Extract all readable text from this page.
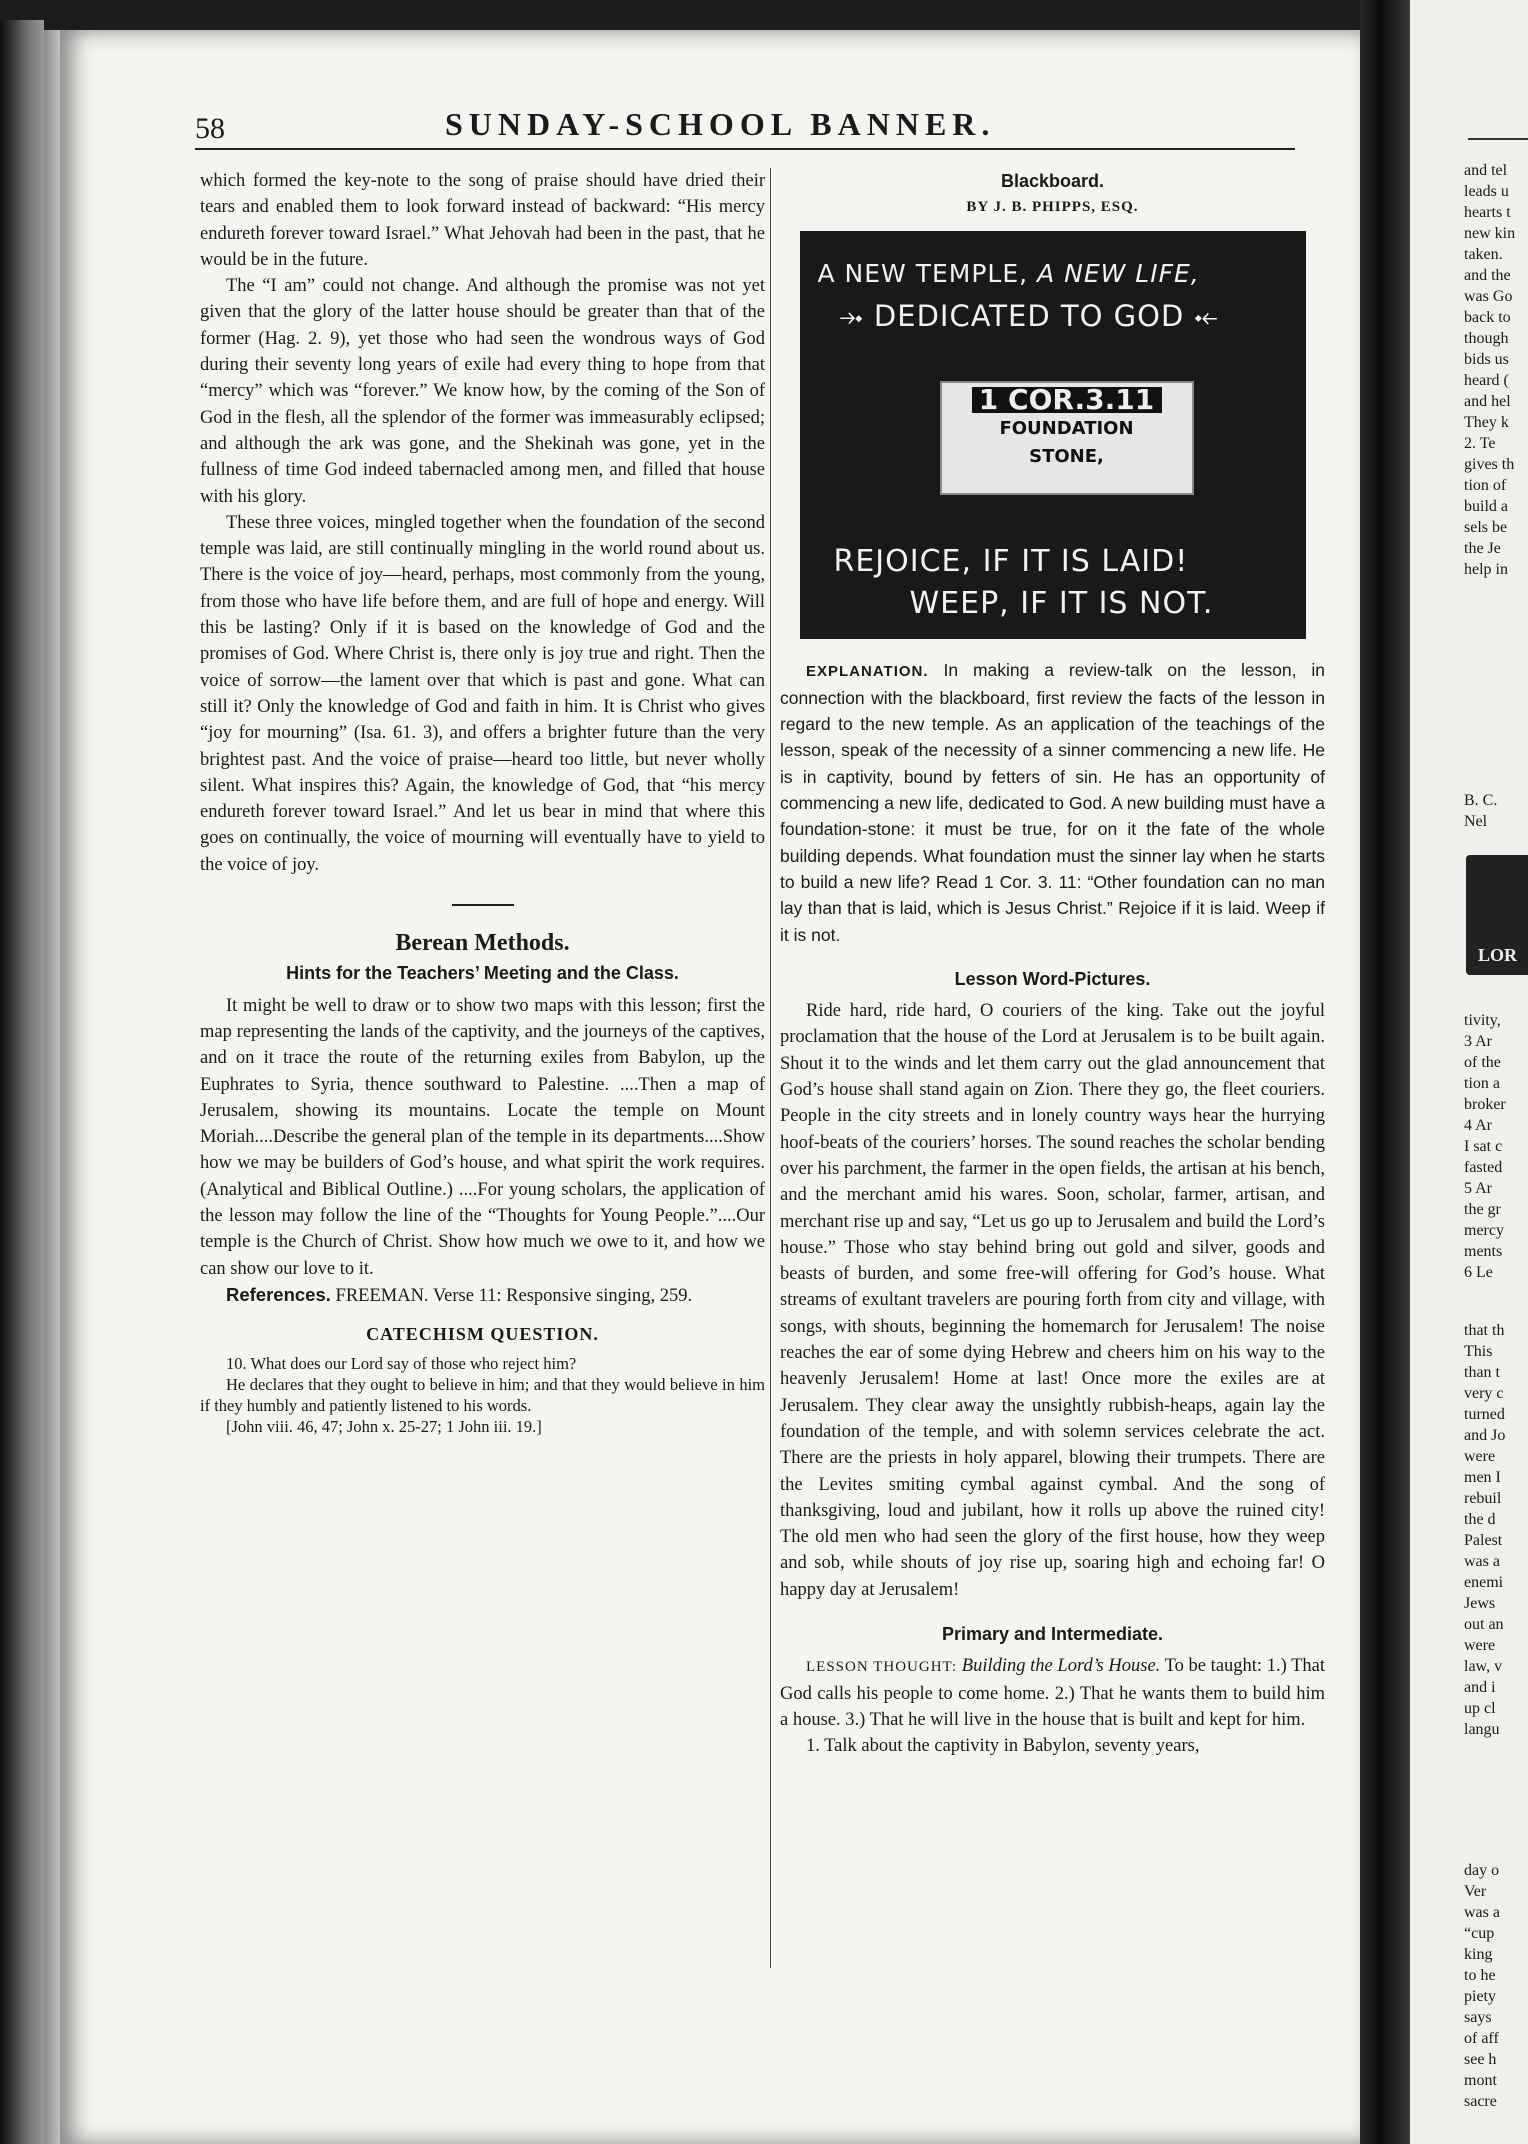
and tel
leads u
hearts t
new kin
taken.
and the
was Go
back to
though
bids us
heard (
and hel
They k
2. Te
gives th
tion of
build a
sels be
the Je
help in
B. C.
Nel
tivity,
3 Ar
of the
tion a
broker
4 Ar
I sat c
fasted
5 Ar
the gr
mercy
ments
6 Le
that th
This
than t
very c
turned
and Jo
were
men I
rebuil
the d
Palest
was a
enemi
Jews
out an
were
law, v
and i
up cl
langu
day o
Ver
was a
“cup
king
to he
piety
says
of aff
see h
mont
sacre
LOR
58	SUNDAY-SCHOOL BANNER.

which formed the key-note to the song of praise should have dried their tears and enabled them to look forward instead of backward: “His mercy endureth forever toward Israel.” What Jehovah had been in the past, that he would be in the future.

The “I am” could not change. And although the promise was not yet given that the glory of the latter house should be greater than that of the former (Hag. 2. 9), yet those who had seen the wondrous ways of God during their seventy long years of exile had every thing to hope from that “mercy” which was “forever.” We know how, by the coming of the Son of God in the flesh, all the splendor of the former was immeasurably eclipsed; and although the ark was gone, and the Shekinah was gone, yet in the fullness of time God indeed tabernacled among men, and filled that house with his glory.

These three voices, mingled together when the foundation of the second temple was laid, are still continually mingling in the world round about us. There is the voice of joy—heard, perhaps, most commonly from the young, from those who have life before them, and are full of hope and energy. Will this be lasting? Only if it is based on the knowledge of God and the promises of God. Where Christ is, there only is joy true and right. Then the voice of sorrow—the lament over that which is past and gone. What can still it? Only the knowledge of God and faith in him. It is Christ who gives “joy for mourning” (Isa. 61. 3), and offers a brighter future than the very brightest past. And the voice of praise—heard too little, but never wholly silent. What inspires this? Again, the knowledge of God, that “his mercy endureth forever toward Israel.” And let us bear in mind that where this goes on continually, the voice of mourning will eventually have to yield to the voice of joy.

Berean Methods.
Hints for the Teachers’ Meeting and the Class.

It might be well to draw or to show two maps with this lesson; first the map representing the lands of the captivity, and the journeys of the captives, and on it trace the route of the returning exiles from Babylon, up the Euphrates to Syria, thence southward to Palestine. ....Then a map of Jerusalem, showing its mountains. Locate the temple on Mount Moriah....Describe the general plan of the temple in its departments....Show how we may be builders of God’s house, and what spirit the work requires. (Analytical and Biblical Outline.) ....For young scholars, the application of the lesson may follow the line of the “Thoughts for Young People.”....Our temple is the Church of Christ. Show how much we owe to it, and how we can show our love to it.

References. FREEMAN. Verse 11: Responsive singing, 259.

CATECHISM QUESTION.

10. What does our Lord say of those who reject him?

He declares that they ought to believe in him; and that they would believe in him if they humbly and patiently listened to his words.

[John viii. 46, 47; John x. 25-27; 1 John iii. 19.]

Blackboard.
BY J. B. PHIPPS, ESQ.
A NEW TEMPLE, A NEW LIFE,
⤞ DEDICATED TO GOD ⤝
1 COR.3.11
FOUNDATION
STONE,
REJOICE, IF IT IS LAID!
WEEP, IF IT IS NOT.

EXPLANATION. In making a review-talk on the lesson, in connection with the blackboard, first review the facts of the lesson in regard to the new temple. As an application of the teachings of the lesson, speak of the necessity of a sinner commencing a new life. He is in captivity, bound by fetters of sin. He has an opportunity of commencing a new life, dedicated to God. A new building must have a foundation-stone: it must be true, for on it the fate of the whole building depends. What foundation must the sinner lay when he starts to build a new life? Read 1 Cor. 3. 11: “Other foundation can no man lay than that is laid, which is Jesus Christ.” Rejoice if it is laid. Weep if it is not.

Lesson Word-Pictures.

Ride hard, ride hard, O couriers of the king. Take out the joyful proclamation that the house of the Lord at Jerusalem is to be built again. Shout it to the winds and let them carry out the glad announcement that God’s house shall stand again on Zion. There they go, the fleet couriers. People in the city streets and in lonely country ways hear the hurrying hoof-beats of the couriers’ horses. The sound reaches the scholar bending over his parchment, the farmer in the open fields, the artisan at his bench, and the merchant amid his wares. Soon, scholar, farmer, artisan, and merchant rise up and say, “Let us go up to Jerusalem and build the Lord’s house.” Those who stay behind bring out gold and silver, goods and beasts of burden, and some free-will offering for God’s house. What streams of exultant travelers are pouring forth from city and village, with songs, with shouts, beginning the homemarch for Jerusalem! The noise reaches the ear of some dying Hebrew and cheers him on his way to the heavenly Jerusalem! Home at last! Once more the exiles are at Jerusalem. They clear away the unsightly rubbish-heaps, again lay the foundation of the temple, and with solemn services celebrate the act. There are the priests in holy apparel, blowing their trumpets. There are the Levites smiting cymbal against cymbal. And the song of thanksgiving, loud and jubilant, how it rolls up above the ruined city! The old men who had seen the glory of the first house, how they weep and sob, while shouts of joy rise up, soaring high and echoing far! O happy day at Jerusalem!

Primary and Intermediate.

LESSON THOUGHT: Building the Lord’s House. To be taught: 1.) That God calls his people to come home. 2.) That he wants them to build him a house. 3.) That he will live in the house that is built and kept for him.

1. Talk about the captivity in Babylon, seventy years,
